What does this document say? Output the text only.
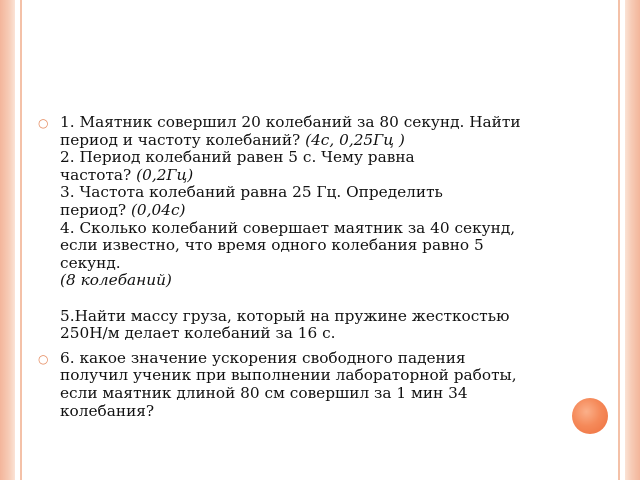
○ 1. Маятник совершил 20 колебаний за 80 секунд. Найти
период и частоту колебаний? (4с, 0,25Гц )
2. Период колебаний равен 5 с. Чему равна
частота? (0,2Гц)
3. Частота колебаний равна 25 Гц. Определить
период? (0,04с)
4. Сколько колебаний совершает маятник за 40 секунд,
если известно, что время одного колебания равно 5
секунд.
(8 колебаний)
5.Найти массу груза, который на пружине жесткостью
250Н/м делает колебаний за 16 с.
○ 6. какое значение ускорения свободного падения
получил ученик при выполнении лабораторной работы,
если маятник длиной 80 см совершил за 1 мин 34
колебания?
